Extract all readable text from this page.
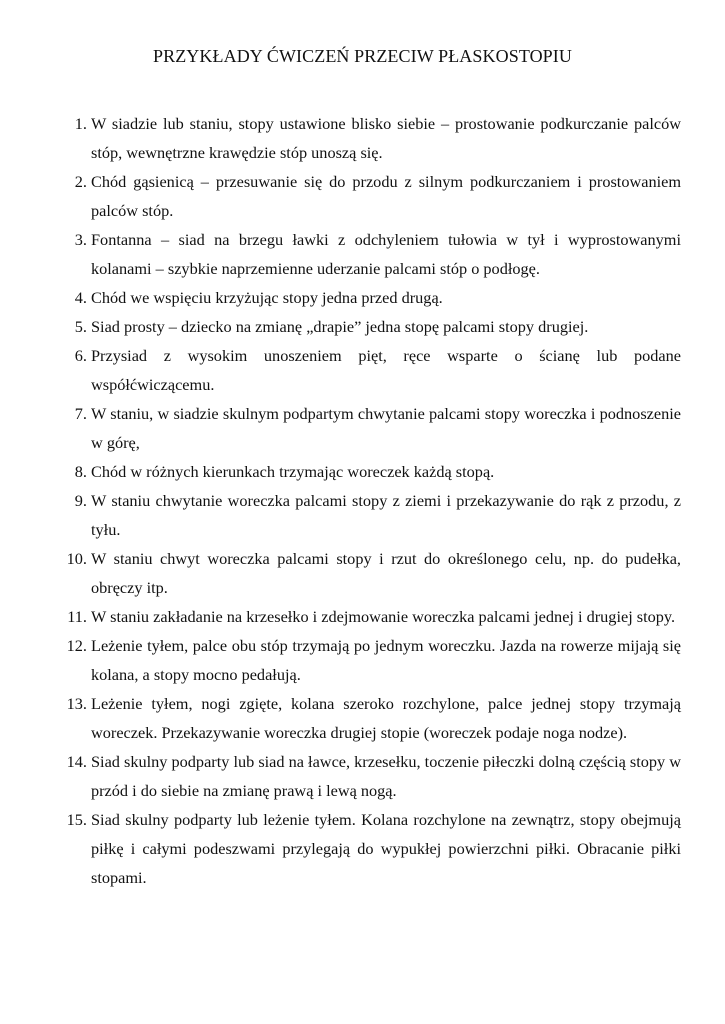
PRZYKŁADY ĆWICZEŃ PRZECIW PŁASKOSTOPIU
1. W siadzie lub staniu, stopy ustawione blisko siebie – prostowanie podkurczanie palców stóp, wewnętrzne krawędzie stóp unoszą się.
2. Chód gąsienicą – przesuwanie się do przodu z silnym podkurczaniem i prostowaniem palców stóp.
3. Fontanna – siad na brzegu ławki z odchyleniem tułowia w tył i wyprostowanymi kolanami – szybkie naprzemienne uderzanie palcami stóp o podłogę.
4. Chód we wspięciu krzyżując stopy jedna przed drugą.
5. Siad prosty – dziecko na zmianę „drapie” jedna stopę palcami stopy drugiej.
6. Przysiad z wysokim unoszeniem pięt, ręce wsparte o ścianę lub podane współćwiczącemu.
7. W staniu, w siadzie skulnym podpartym chwytanie palcami stopy woreczka i podnoszenie w górę,
8. Chód w różnych kierunkach trzymając woreczek każdą stopą.
9. W staniu chwytanie woreczka palcami stopy z ziemi i przekazywanie do rąk z przodu, z tyłu.
10. W staniu chwyt woreczka palcami stopy i rzut do określonego celu, np. do pudełka, obręczy itp.
11. W staniu zakładanie na krzesełko i zdejmowanie woreczka palcami jednej i drugiej stopy.
12. Leżenie tyłem, palce obu stóp trzymają po jednym woreczku. Jazda na rowerze mijają się kolana, a stopy mocno pedałują.
13. Leżenie tyłem, nogi zgięte, kolana szeroko rozchylone, palce jednej stopy trzymają woreczek. Przekazywanie woreczka drugiej stopie (woreczek podaje noga nodze).
14. Siad skulny podparty lub siad na ławce, krzesełku, toczenie piłeczki dolną częścią stopy w przód i do siebie na zmianę prawą i lewą nogą.
15. Siad skulny podparty lub leżenie tyłem. Kolana rozchylone na zewnątrz, stopy obejmują piłkę i całymi podeszwami przylegają do wypukłej powierzchni piłki. Obracanie piłki stopami.
